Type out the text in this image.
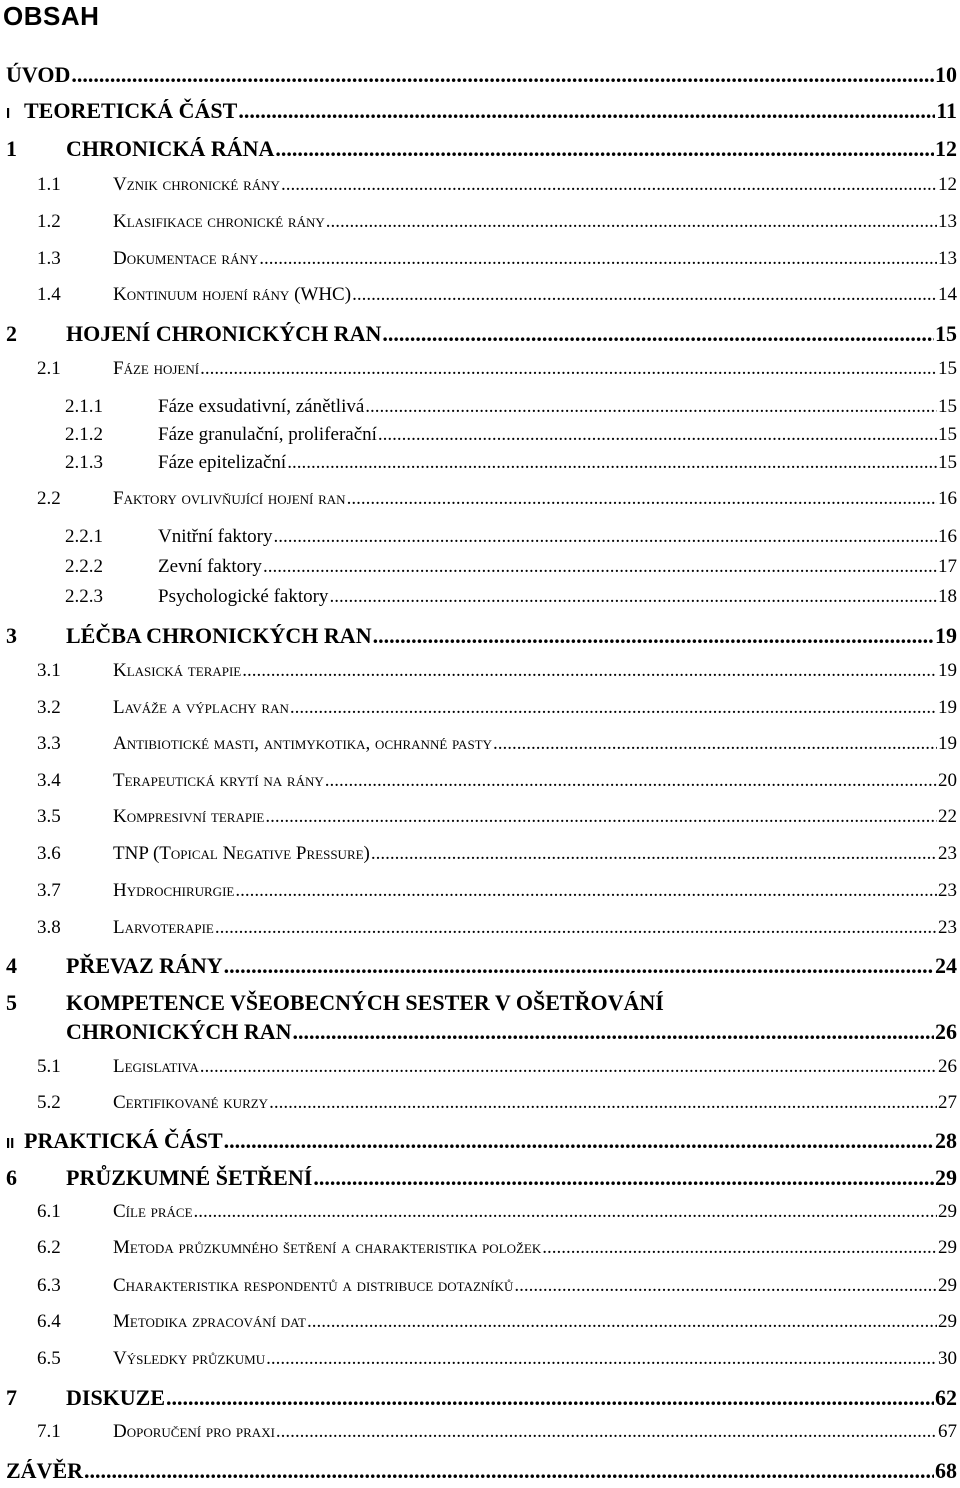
OBSAH
ÚVOD .....	10
I TEORETICKÁ ČÁST .....	11
1	CHRONICKÁ RÁNA .....	12
1.1	Vznik chronické rány .....	12
1.2	Klasifikace chronické rány .....	13
1.3	Dokumentace rány .....	13
1.4	Kontinuum hojení rány (WHC) .....	14
2	HOJENÍ CHRONICKÝCH RAN .....	15
2.1	Fáze hojení .....	15
2.1.1	Fáze exsudativní, zánětlivá .....	15
2.1.2	Fáze granulační, proliferační .....	15
2.1.3	Fáze epitelizační .....	15
2.2	Faktory ovlivňující hojení ran .....	16
2.2.1	Vnitřní faktory .....	16
2.2.2	Zevní faktory .....	17
2.2.3	Psychologické faktory .....	18
3	LÉČBA CHRONICKÝCH RAN .....	19
3.1	Klasická terapie .....	19
3.2	Laváže a výplachy ran .....	19
3.3	Antibiotické masti, antimykotika, ochranné pasty .....	19
3.4	Terapeutická krytí na rány .....	20
3.5	Kompresivní terapie .....	22
3.6	TNP (Topical Negative Pressure) .....	23
3.7	Hydrochirurgie .....	23
3.8	Larvoterapie .....	23
4	PŘEVAZ RÁNY .....	24
5	KOMPETENCE VŠEOBECNÝCH SESTER V OŠETŘOVÁNÍ
CHRONICKÝCH RAN .....	26
5.1	Legislativa .....	26
5.2	Certifikované kurzy .....	27
II PRAKTICKÁ ČÁST .....	28
6	PRŮZKUMNÉ ŠETŘENÍ .....	29
6.1	Cíle práce .....	29
6.2	Metoda průzkumného šetření a charakteristika položek .....	29
6.3	Charakteristika respondentů a distribuce dotazníků .....	29
6.4	Metodika zpracování dat .....	29
6.5	Výsledky průzkumu .....	30
7	DISKUZE .....	62
7.1	Doporučení pro praxi .....	67
ZÁVĚR .....	68
